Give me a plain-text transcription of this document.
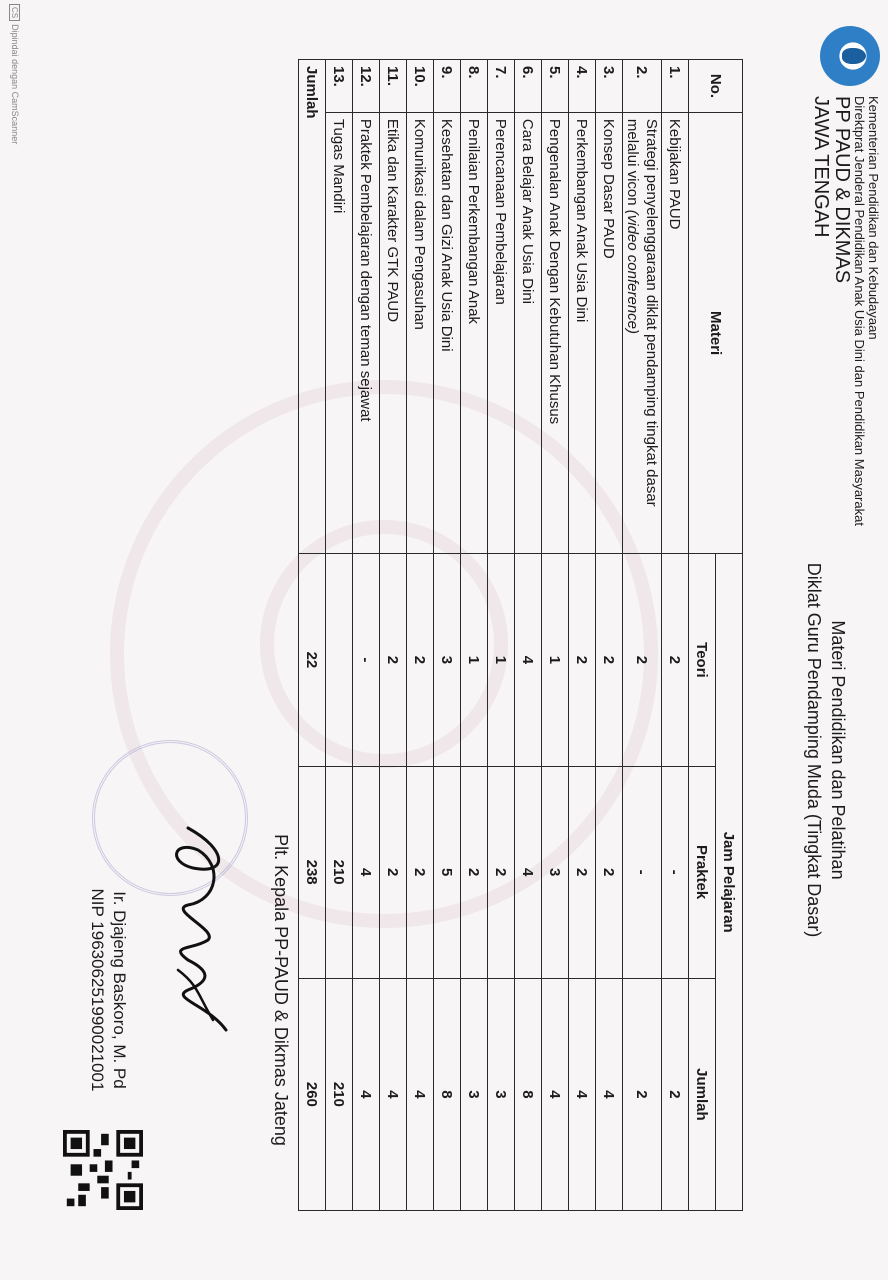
Kementerian Pendidikan dan Kebudayaan
Direktprat Jenderal Pendidikan Anak Usia Dini dan Pendidikan Masyarakat
PP PAUD & DIKMAS
JAWA TENGAH
Materi Pendidikan dan Pelatihan
Diklat Guru Pendamping Muda (Tingkat Dasar)
No.	Materi	Jam Pelajaran		
		Teori	Praktek	Jumlah
1.	Kebijakan PAUD	2	-	2
2.	Strategi penyelenggaraan diklat pendamping tingkat dasar melalui vicon (video conference)	2	-	2
3.	Konsep Dasar PAUD	2	2	4
4.	Perkembangan Anak Usia Dini	2	2	4
5.	Pengenalan Anak Dengan Kebutuhan Khusus	1	3	4
6.	Cara Belajar Anak Usia Dini	4	4	8
7.	Perencanaan Pembelajaran	1	2	3
8.	Penilaian Perkembangan Anak	1	2	3
9.	Kesehatan dan Gizi Anak Usia Dini	3	5	8
10.	Komunikasi dalam Pengasuhan	2	2	4
11.	Etika dan Karakter GTK PAUD	2	2	4
12.	Praktek Pembelajaran dengan teman sejawat	-	4	4
13.	Tugas Mandiri		210	210
Jumlah		22	238	260
Plt. Kepala PP-PAUD & Dikmas Jateng
Ir. Djajeng Baskoro, M. Pd
NIP 196306251990021001
CSDipindai dengan CamScanner
